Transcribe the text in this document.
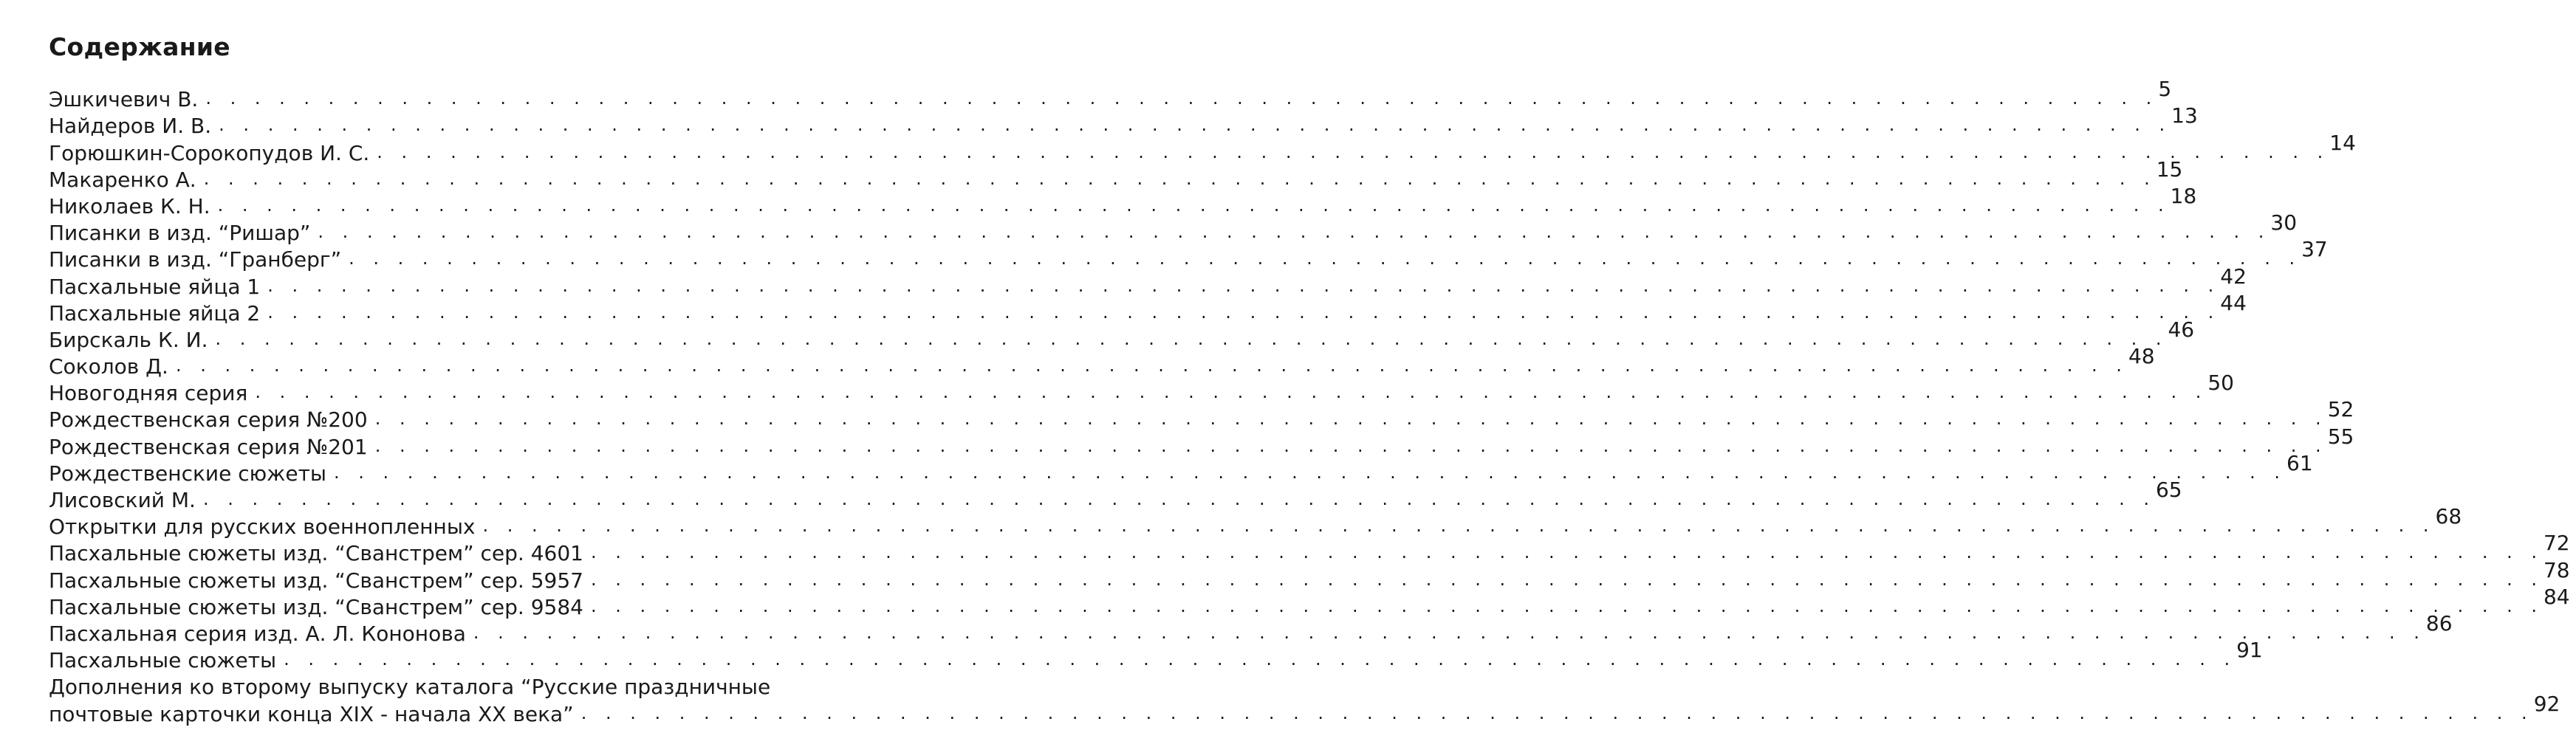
Содержание
Эшкичевич В. . . . . . . . . . . . . . . . . . . . . . . . . . . . . . . . . . . . . . . . . . . . . . . . . . . . . . . . . . . . . . . . . . . . . . . . . . . . . . . . . 5
Найдеров И. В. . . . . . . . . . . . . . . . . . . . . . . . . . . . . . . . . . . . . . . . . . . . . . . . . . . . . . . . . . . . . . . . . . . . . . . . . . . . . . . . . 13
Горюшкин-Сорокопудов И. С. . . . . . . . . . . . . . . . . . . . . . . . . . . . . . . . . . . . . . . . . . . . . . . . . . . . . . . . . . . . . . . . . . . . . . . . . . . . . . . . . 14
Макаренко А. . . . . . . . . . . . . . . . . . . . . . . . . . . . . . . . . . . . . . . . . . . . . . . . . . . . . . . . . . . . . . . . . . . . . . . . . . . . . . . . . 15
Николаев К. Н. . . . . . . . . . . . . . . . . . . . . . . . . . . . . . . . . . . . . . . . . . . . . . . . . . . . . . . . . . . . . . . . . . . . . . . . . . . . . . . . . 18
Писанки в изд. “Ришар” . . . . . . . . . . . . . . . . . . . . . . . . . . . . . . . . . . . . . . . . . . . . . . . . . . . . . . . . . . . . . . . . . . . . . . . . . . . . . . . . 30
Писанки в изд. “Гранберг” . . . . . . . . . . . . . . . . . . . . . . . . . . . . . . . . . . . . . . . . . . . . . . . . . . . . . . . . . . . . . . . . . . . . . . . . . . . . . . . . 37
Пасхальные яйца 1 . . . . . . . . . . . . . . . . . . . . . . . . . . . . . . . . . . . . . . . . . . . . . . . . . . . . . . . . . . . . . . . . . . . . . . . . . . . . . . . . 42
Пасхальные яйца 2 . . . . . . . . . . . . . . . . . . . . . . . . . . . . . . . . . . . . . . . . . . . . . . . . . . . . . . . . . . . . . . . . . . . . . . . . . . . . . . . . 44
Бирскаль К. И. . . . . . . . . . . . . . . . . . . . . . . . . . . . . . . . . . . . . . . . . . . . . . . . . . . . . . . . . . . . . . . . . . . . . . . . . . . . . . . . . 46
Соколов Д. . . . . . . . . . . . . . . . . . . . . . . . . . . . . . . . . . . . . . . . . . . . . . . . . . . . . . . . . . . . . . . . . . . . . . . . . . . . . . . . . 48
Новогодняя серия . . . . . . . . . . . . . . . . . . . . . . . . . . . . . . . . . . . . . . . . . . . . . . . . . . . . . . . . . . . . . . . . . . . . . . . . . . . . . . . . 50
Рождественская серия №200 . . . . . . . . . . . . . . . . . . . . . . . . . . . . . . . . . . . . . . . . . . . . . . . . . . . . . . . . . . . . . . . . . . . . . . . . . . . . . . . . 52
Рождественская серия №201 . . . . . . . . . . . . . . . . . . . . . . . . . . . . . . . . . . . . . . . . . . . . . . . . . . . . . . . . . . . . . . . . . . . . . . . . . . . . . . . . 55
Рождественские сюжеты . . . . . . . . . . . . . . . . . . . . . . . . . . . . . . . . . . . . . . . . . . . . . . . . . . . . . . . . . . . . . . . . . . . . . . . . . . . . . . . . 61
Лисовский М. . . . . . . . . . . . . . . . . . . . . . . . . . . . . . . . . . . . . . . . . . . . . . . . . . . . . . . . . . . . . . . . . . . . . . . . . . . . . . . . . 65
Открытки для русских военнопленных . . . . . . . . . . . . . . . . . . . . . . . . . . . . . . . . . . . . . . . . . . . . . . . . . . . . . . . . . . . . . . . . . . . . . . . . . . . . . . . . 68
Пасхальные сюжеты изд. “Сванстрем” сер. 4601 . . . . . . . . . . . . . . . . . . . . . . . . . . . . . . . . . . . . . . . . . . . . . . . . . . . . . . . . . . . . . . . . . . . . . . . . . . . . . . . . 72
Пасхальные сюжеты изд. “Сванстрем” сер. 5957 . . . . . . . . . . . . . . . . . . . . . . . . . . . . . . . . . . . . . . . . . . . . . . . . . . . . . . . . . . . . . . . . . . . . . . . . . . . . . . . . 78
Пасхальные сюжеты изд. “Сванстрем” сер. 9584 . . . . . . . . . . . . . . . . . . . . . . . . . . . . . . . . . . . . . . . . . . . . . . . . . . . . . . . . . . . . . . . . . . . . . . . . . . . . . . . . 84
Пасхальная серия изд. А. Л. Кононова . . . . . . . . . . . . . . . . . . . . . . . . . . . . . . . . . . . . . . . . . . . . . . . . . . . . . . . . . . . . . . . . . . . . . . . . . . . . . . . . 86
Пасхальные сюжеты . . . . . . . . . . . . . . . . . . . . . . . . . . . . . . . . . . . . . . . . . . . . . . . . . . . . . . . . . . . . . . . . . . . . . . . . . . . . . . . . 91
Дополнения ко второму выпуску каталога “Русские праздничные
почтовые карточки конца XIX - начала XX века” . . . . . . . . . . . . . . . . . . . . . . . . . . . . . . . . . . . . . . . . . . . . . . . . . . . . . . . . . . . . . . . . . . . . . . . . . . . . . . . . 92
